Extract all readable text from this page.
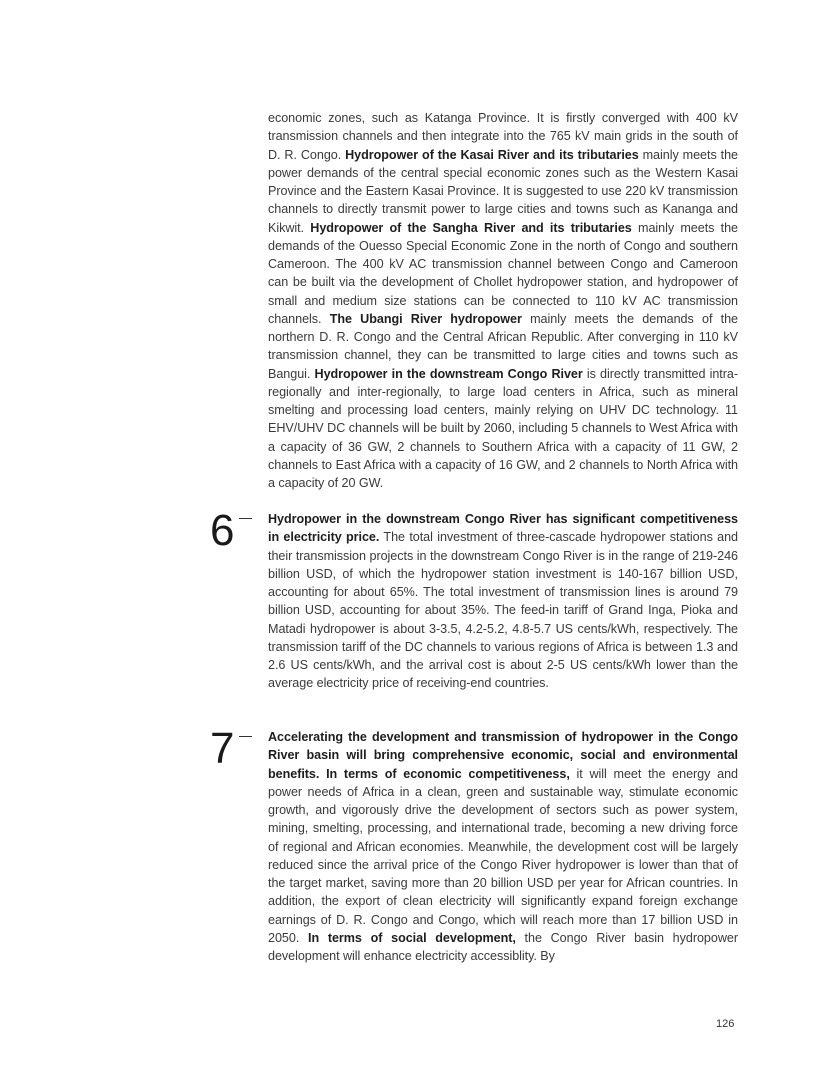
economic zones, such as Katanga Province. It is firstly converged with 400 kV transmission channels and then integrate into the 765 kV main grids in the south of D. R. Congo. Hydropower of the Kasai River and its tributaries mainly meets the power demands of the central special economic zones such as the Western Kasai Province and the Eastern Kasai Province. It is suggested to use 220 kV transmission channels to directly transmit power to large cities and towns such as Kananga and Kikwit. Hydropower of the Sangha River and its tributaries mainly meets the demands of the Ouesso Special Economic Zone in the north of Congo and southern Cameroon. The 400 kV AC transmission channel between Congo and Cameroon can be built via the development of Chollet hydropower station, and hydropower of small and medium size stations can be connected to 110 kV AC transmission channels. The Ubangi River hydropower mainly meets the demands of the northern D. R. Congo and the Central African Republic. After converging in 110 kV transmission channel, they can be transmitted to large cities and towns such as Bangui. Hydropower in the downstream Congo River is directly transmitted intra-regionally and inter-regionally, to large load centers in Africa, such as mineral smelting and processing load centers, mainly relying on UHV DC technology. 11 EHV/UHV DC channels will be built by 2060, including 5 channels to West Africa with a capacity of 36 GW, 2 channels to Southern Africa with a capacity of 11 GW, 2 channels to East Africa with a capacity of 16 GW, and 2 channels to North Africa with a capacity of 20 GW.
6	Hydropower in the downstream Congo River has significant competitiveness in electricity price. The total investment of three-cascade hydropower stations and their transmission projects in the downstream Congo River is in the range of 219-246 billion USD, of which the hydropower station investment is 140-167 billion USD, accounting for about 65%. The total investment of transmission lines is around 79 billion USD, accounting for about 35%. The feed-in tariff of Grand Inga, Pioka and Matadi hydropower is about 3-3.5, 4.2-5.2, 4.8-5.7 US cents/kWh, respectively. The transmission tariff of the DC channels to various regions of Africa is between 1.3 and 2.6 US cents/kWh, and the arrival cost is about 2-5 US cents/kWh lower than the average electricity price of receiving-end countries.
7	Accelerating the development and transmission of hydropower in the Congo River basin will bring comprehensive economic, social and environmental benefits. In terms of economic competitiveness, it will meet the energy and power needs of Africa in a clean, green and sustainable way, stimulate economic growth, and vigorously drive the development of sectors such as power system, mining, smelting, processing, and international trade, becoming a new driving force of regional and African economies. Meanwhile, the development cost will be largely reduced since the arrival price of the Congo River hydropower is lower than that of the target market, saving more than 20 billion USD per year for African countries. In addition, the export of clean electricity will significantly expand foreign exchange earnings of D. R. Congo and Congo, which will reach more than 17 billion USD in 2050. In terms of social development, the Congo River basin hydropower development will enhance electricity accessiblity. By
126
